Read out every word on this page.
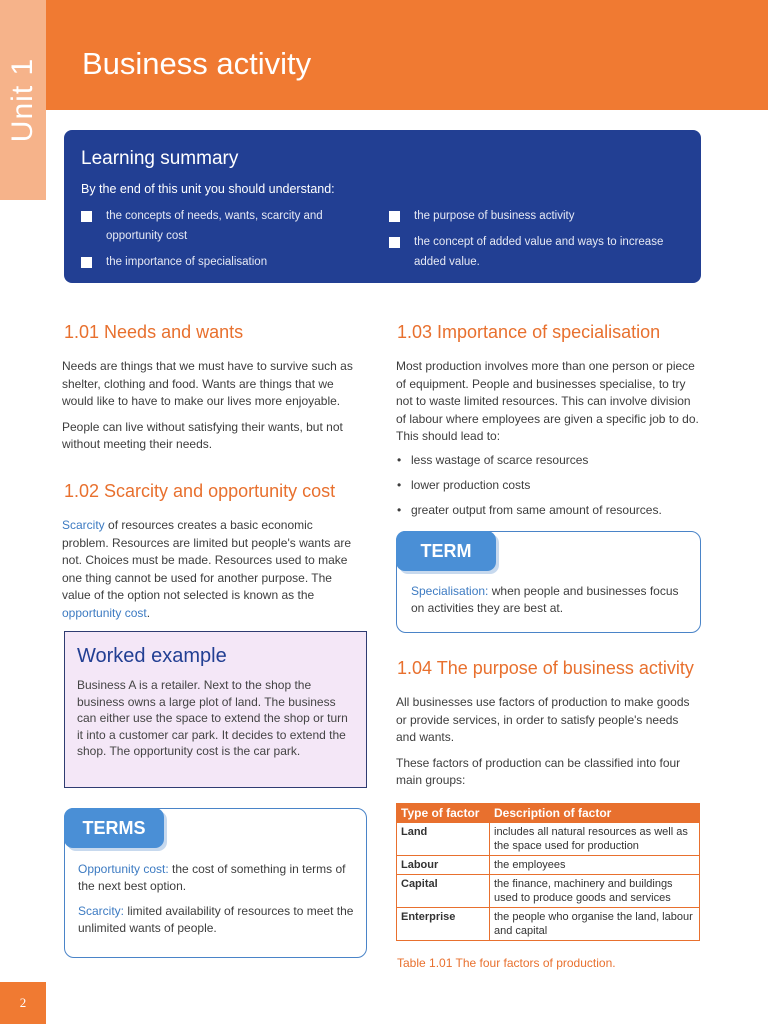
Unit 1 Business activity
Learning summary
By the end of this unit you should understand:
the concepts of needs, wants, scarcity and opportunity cost
the importance of specialisation
the purpose of business activity
the concept of added value and ways to increase added value.
1.01 Needs and wants

Needs are things that we must have to survive such as shelter, clothing and food. Wants are things that we would like to have to make our lives more enjoyable.

People can live without satisfying their wants, but not without meeting their needs.

1.02 Scarcity and opportunity cost

Scarcity of resources creates a basic economic problem. Resources are limited but people's wants are not. Choices must be made. Resources used to make one thing cannot be used for another purpose. The value of the option not selected is known as the opportunity cost.

Worked example

Business A is a retailer. Next to the shop the business owns a large plot of land. The business can either use the space to extend the shop or turn it into a customer car park. It decides to extend the shop. The opportunity cost is the car park.

TERMS

Opportunity cost: the cost of something in terms of the next best option.

Scarcity: limited availability of resources to meet the unlimited wants of people.

1.03 Importance of specialisation

Most production involves more than one person or piece of equipment. People and businesses specialise, to try not to waste limited resources. This can involve division of labour where employees are given a specific job to do. This should lead to:

• less wastage of scarce resources
• lower production costs
• greater output from same amount of resources.
TERM

Specialisation: when people and businesses focus on activities they are best at.

1.04 The purpose of business activity

All businesses use factors of production to make goods or provide services, in order to satisfy people's needs and wants.

These factors of production can be classified into four main groups:

Type of factor	Description of factor
Land	includes all natural resources as well as the space used for production
Labour	the employees
Capital	the finance, machinery and buildings used to produce goods and services
Enterprise	the people who organise the land, labour and capital
Table 1.01 The four factors of production.
2
